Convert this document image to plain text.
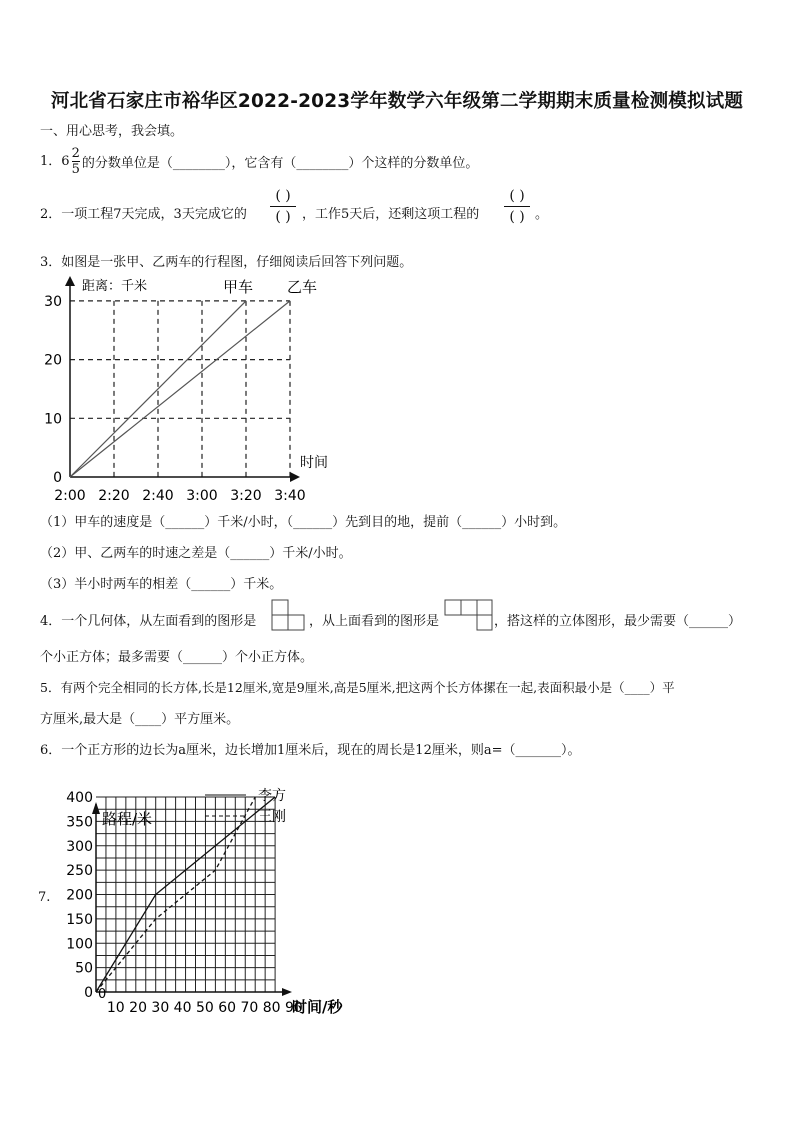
河北省石家庄市裕华区2022-2023学年数学六年级第二学期期末质量检测模拟试题
一、用心思考，我会填。
1．$6 \frac{2}{5}$ 的分数单位是（________），它含有（________）个这样的分数单位。
2．一项工程7天完成，3天完成它的
( )
( ) ，工作5天后，还剩这项工程的
( )
( ) 。
3．如图是一张甲、乙两车的行程图，仔细阅读后回答下列问题。
0
10
20
30
2:00 2:20 2:40 3:00 3:20 3:40
距离：千米
时间
甲车 乙车
（1）甲车的速度是（______）千米/小时，（______）先到目的地，提前（______）小时到。
（2）甲、乙两车的时速之差是（______）千米/小时。
（3）半小时两车的相差（______）千米。
4．一个几何体，从左面看到的图形是	，从上面看到的图形是	，搭这样的立体图形，最少需要（______）
个小正方体；最多需要（______）个小正方体。
5．有两个完全相同的长方体,长是12厘米,宽是9厘米,高是5厘米,把这两个长方体摞在一起,表面积最小是（____）平
方厘米,最大是（____）平方厘米。
6．一个正方形的边长为a厘米，边长增加1厘米后，现在的周长是12厘米，则a=（_______）。
7.
0
50
100
150
200
250
300
350
400
0
10 20 30 40 50 60 70 80 90
时间/秒
路程/米
李方
王刚
